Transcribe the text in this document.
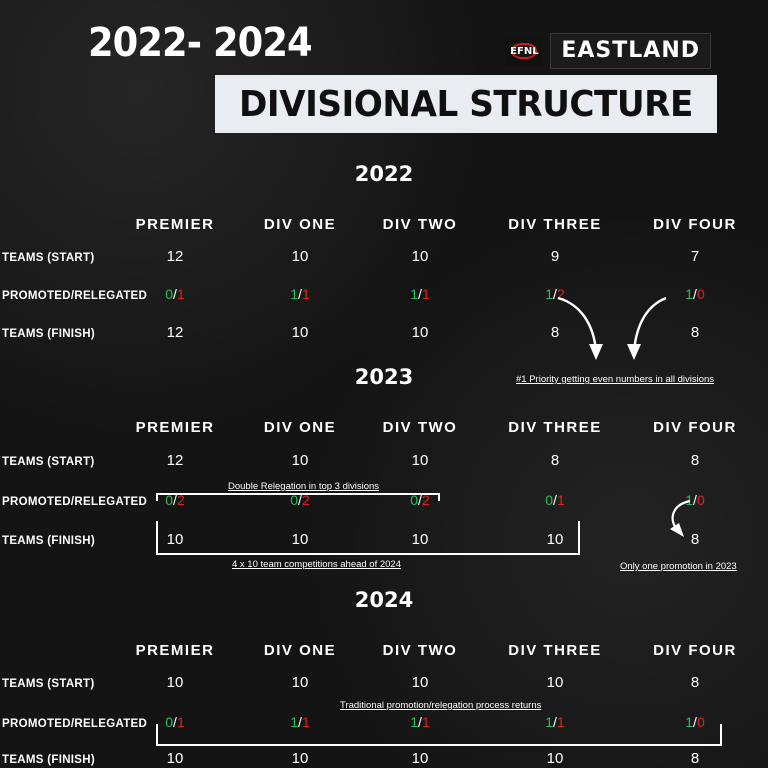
2022- 2024	EFNL	EASTLAND
DIVISIONAL STRUCTURE
2022
PREMIER	DIV ONE	DIV TWO	DIV THREE	DIV FOUR
TEAMS (START)	12	10	10	9	7
PROMOTED/RELEGATED	0/1	1/1	1/1	1/2	1/0
TEAMS (FINISH)	12	10	10	8	8
#1 Priority getting even numbers in all divisions
2023
PREMIER	DIV ONE	DIV TWO	DIV THREE	DIV FOUR
TEAMS (START)	12	10	10	8	8
Double Relegation in top 3 divisions
PROMOTED/RELEGATED	0/2	0/2	0/2	0/1	1/0
TEAMS (FINISH)	10	10	10	10	8
4 x 10 team competitions ahead of 2024	Only one promotion in 2023
2024
PREMIER	DIV ONE	DIV TWO	DIV THREE	DIV FOUR
TEAMS (START)	10	10	10	10	8
Traditional promotion/relegation process returns
PROMOTED/RELEGATED	0/1	1/1	1/1	1/1	1/0
TEAMS (FINISH)	10	10	10	10	8
